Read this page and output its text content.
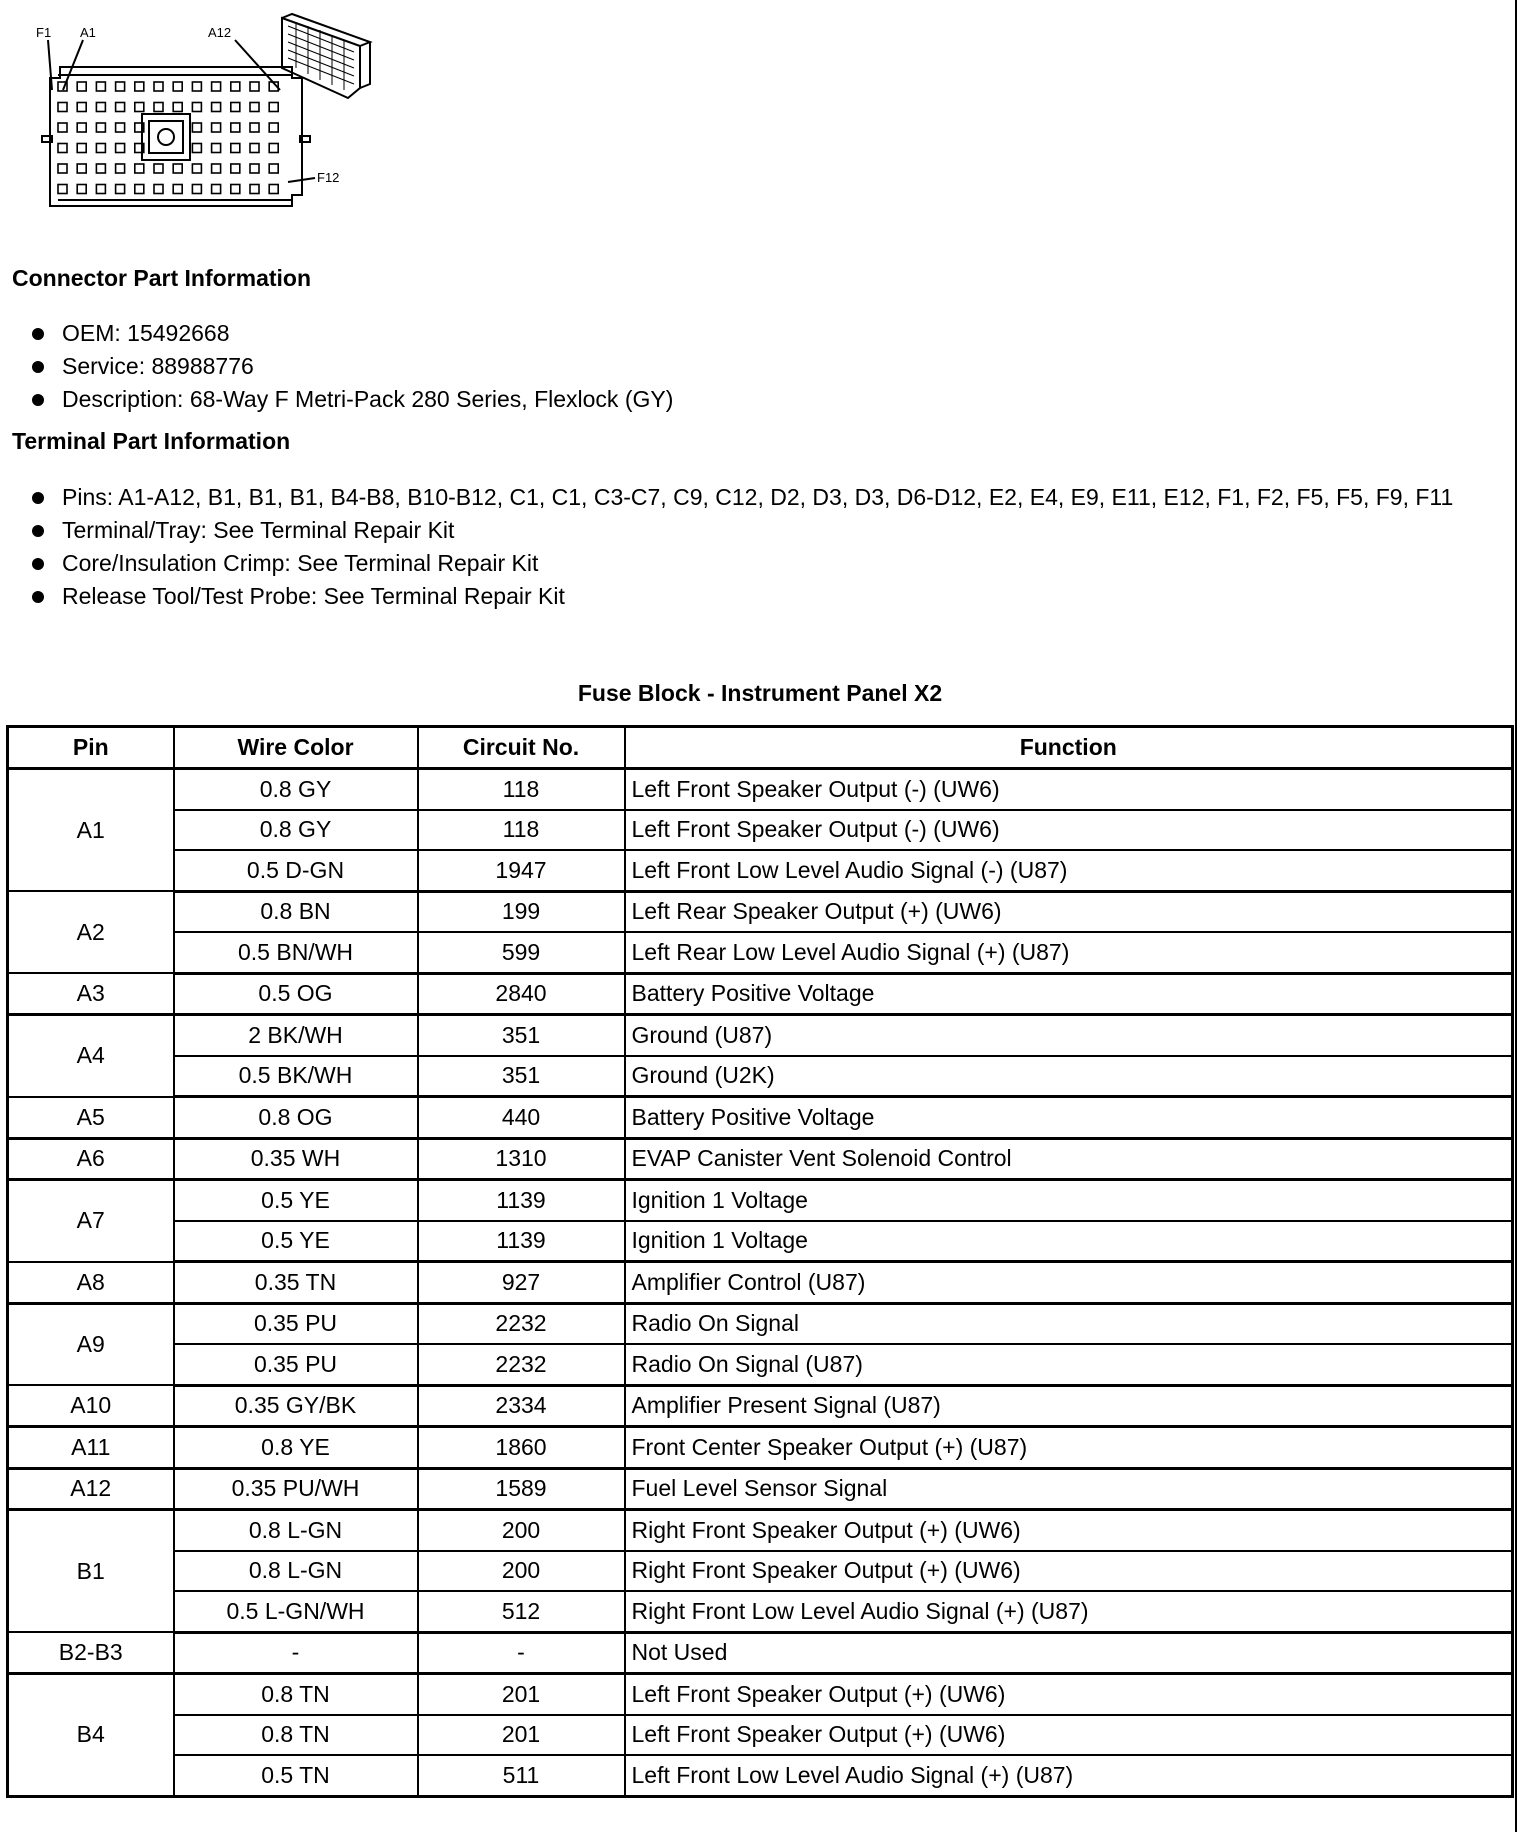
F1 A1	A12
F12
Connector Part Information
OEM: 15492668
Service: 88988776
Description: 68-Way F Metri-Pack 280 Series, Flexlock (GY)
Terminal Part Information
Pins: A1-A12, B1, B1, B1, B4-B8, B10-B12, C1, C1, C3-C7, C9, C12, D2, D3, D3, D6-D12, E2, E4, E9, E11, E12, F1, F2, F5, F5, F9, F11
Terminal/Tray: See Terminal Repair Kit
Core/Insulation Crimp: See Terminal Repair Kit
Release Tool/Test Probe: See Terminal Repair Kit
Fuse Block - Instrument Panel X2
Pin	Wire Color	Circuit No.	Function
A1	0.8 GY	118	Left Front Speaker Output (-) (UW6)
	0.8 GY	118	Left Front Speaker Output (-) (UW6)
	0.5 D-GN	1947	Left Front Low Level Audio Signal (-) (U87)
A2	0.8 BN	199	Left Rear Speaker Output (+) (UW6)
	0.5 BN/WH	599	Left Rear Low Level Audio Signal (+) (U87)
A3	0.5 OG	2840	Battery Positive Voltage
A4	2 BK/WH	351	Ground (U87)
	0.5 BK/WH	351	Ground (U2K)
A5	0.8 OG	440	Battery Positive Voltage
A6	0.35 WH	1310	EVAP Canister Vent Solenoid Control
A7	0.5 YE	1139	Ignition 1 Voltage
	0.5 YE	1139	Ignition 1 Voltage
A8	0.35 TN	927	Amplifier Control (U87)
A9	0.35 PU	2232	Radio On Signal
	0.35 PU	2232	Radio On Signal (U87)
A10	0.35 GY/BK	2334	Amplifier Present Signal (U87)
A11	0.8 YE	1860	Front Center Speaker Output (+) (U87)
A12	0.35 PU/WH	1589	Fuel Level Sensor Signal
B1	0.8 L-GN	200	Right Front Speaker Output (+) (UW6)
	0.8 L-GN	200	Right Front Speaker Output (+) (UW6)
	0.5 L-GN/WH	512	Right Front Low Level Audio Signal (+) (U87)
B2-B3	-	-	Not Used
B4	0.8 TN	201	Left Front Speaker Output (+) (UW6)
	0.8 TN	201	Left Front Speaker Output (+) (UW6)
	0.5 TN	511	Left Front Low Level Audio Signal (+) (U87)
